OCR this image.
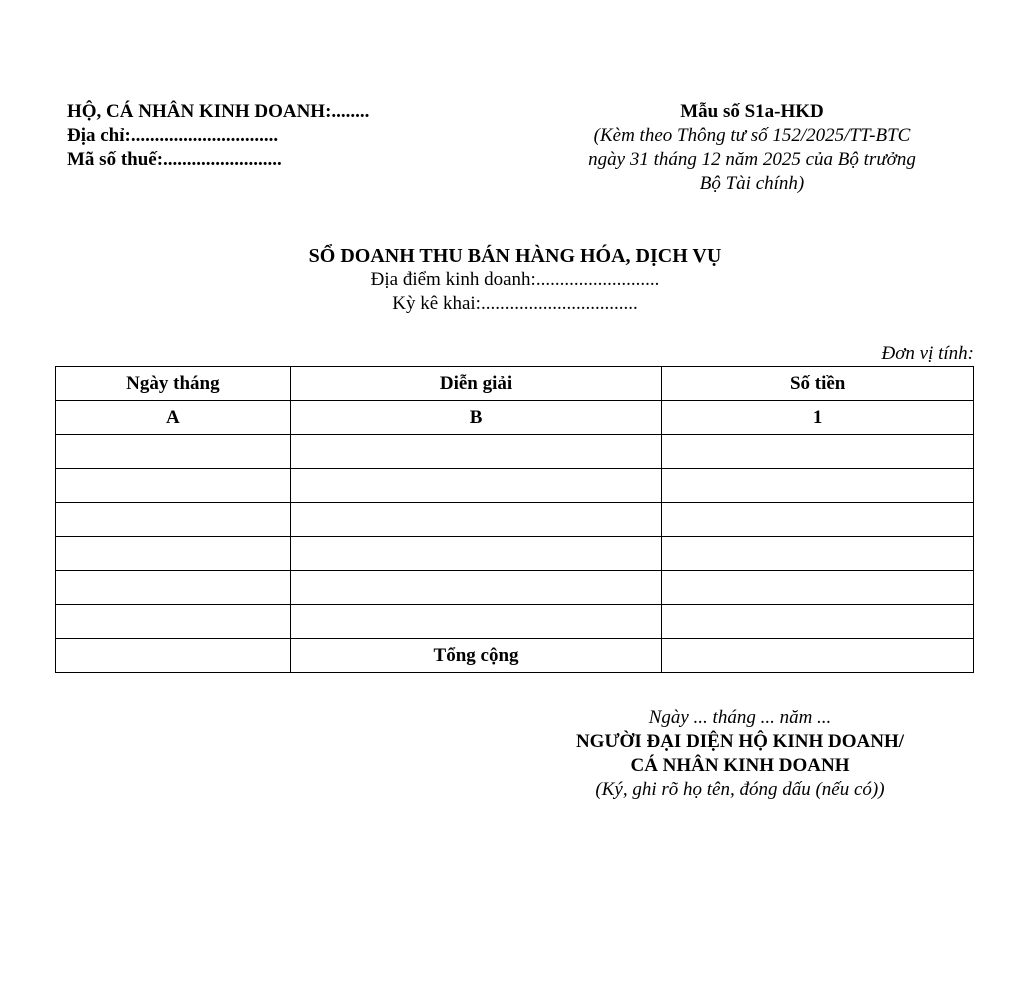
HỘ, CÁ NHÂN KINH DOANH:........
Địa chỉ:...............................
Mã số thuế:.........................
Mẫu số S1a-HKD
(Kèm theo Thông tư số 152/2025/TT-BTC
ngày 31 tháng 12 năm 2025 của Bộ trưởng
Bộ Tài chính)
SỔ DOANH THU BÁN HÀNG HÓA, DỊCH VỤ
Địa điểm kinh doanh:..........................
Kỳ kê khai:.................................
Đơn vị tính:
Ngày tháng	Diễn giải	Số tiền
A	B	1

	Tổng cộng	
Ngày ... tháng ... năm ...
NGƯỜI ĐẠI DIỆN HỘ KINH DOANH/
CÁ NHÂN KINH DOANH
(Ký, ghi rõ họ tên, đóng dấu (nếu có))
